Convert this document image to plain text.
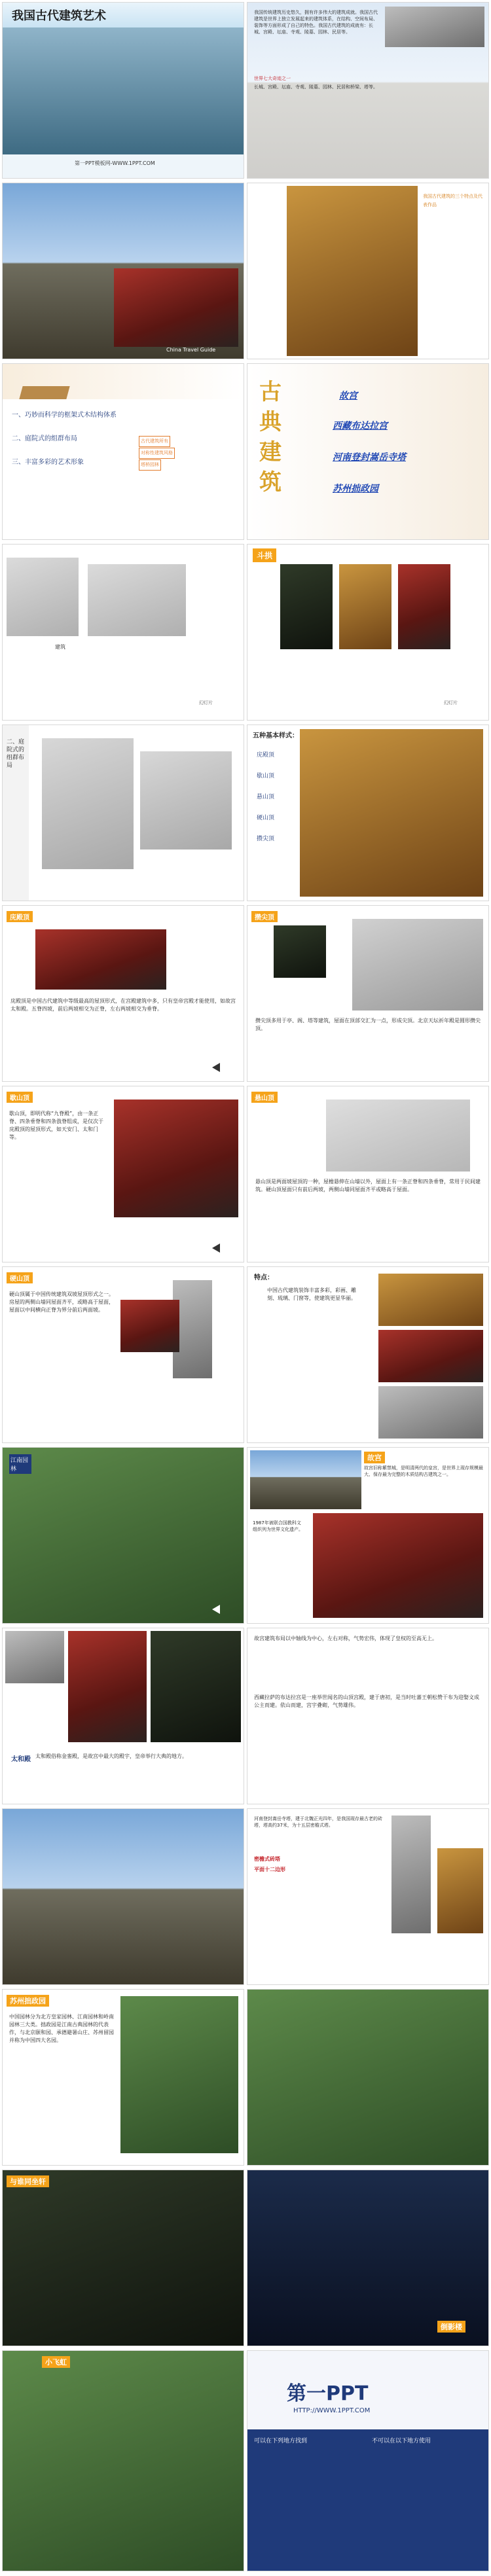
我国古代建筑艺术
第一PPT模板网-WWW.1PPT.COM
我国传统建筑历史悠久，拥有许多伟大的建筑成就。我国古代建筑是世界上独立发展起来的建筑体系，在结构、空间布局、装饰等方面形成了自己的特色。我国古代建筑的成就有：长城、宫殿、坛庙、寺观、陵墓、园林、民居等。
世界七大奇迹之一
长城、宫殿、坛庙、寺观、陵墓、园林、民居和桥梁、塔等。
China Travel Guide
我国古代建筑的三个特点及代表作品
一、巧妙而科学的框架式木结构体系
二、庭院式的组群布局
三、丰富多彩的艺术形象
古代建筑所有
对称性建筑风格
塔桥园林
古典建筑
故宫
西藏布达拉宫
河南登封嵩岳寺塔
苏州拙政园
建筑
幻灯片
斗拱
幻灯片
二、庭院式的组群布局
五种基本样式：
庑殿顶
歇山顶
悬山顶
硬山顶
攒尖顶
庑殿顶
庑殿顶是中国古代建筑中等级最高的屋顶形式，在宫殿建筑中多，只有皇帝宫殿才能使用，如故宫太和殿。五脊四坡，前后两坡相交为正脊，左右两坡相交为垂脊。
攒尖顶
攒尖顶多用于亭、阁、塔等建筑，屋面在顶部交汇为一点，形成尖顶。北京天坛祈年殿是圆形攒尖顶。
歇山顶
歇山顶，即明代称“九脊殿”，由一条正脊、四条垂脊和四条戗脊组成，是仅次于庑殿顶的屋顶形式，如天安门、太和门等。
悬山顶
悬山顶是两面坡屋顶的一种，屋檐悬伸在山墙以外，屋面上有一条正脊和四条垂脊，常用于民间建筑。硬山顶屋面只有前后两坡，两侧山墙同屋面齐平或略高于屋面。
硬山顶
硬山顶属于中国传统建筑双坡屋顶形式之一。房屋的两侧山墙同屋面齐平，或略高于屋面，屋面以中间横向正脊为界分前后两面坡。
特点：
中国古代建筑装饰丰富多彩，彩画、雕刻、琉璃、门窗等，使建筑更显华丽。
江南园林
故宫
故宫旧称紫禁城，是明清两代的皇宫，是世界上现存规模最大、保存最为完整的木质结构古建筑之一。
1987年被联合国教科文组织列为世界文化遗产。
太和殿 太和殿俗称金銮殿，是故宫中最大的殿宇，皇帝举行大典的地方。
故宫建筑布局以中轴线为中心，左右对称，气势宏伟，体现了皇权的至高无上。
西藏拉萨的布达拉宫是一座举世闻名的山顶宫殿，建于唐初，是当时吐蕃王朝松赞干布为迎娶文成公主而建。依山而建，宫宇叠砌，气势雄伟。
河南登封嵩岳寺塔，建于北魏正光四年，是我国现存最古老的砖塔，塔高约37米，为十五层密檐式塔。
密檐式砖塔
平面十二边形
苏州拙政园
中国园林分为北方皇家园林、江南园林和岭南园林三大类。拙政园是江南古典园林的代表作，与北京颐和园、承德避暑山庄、苏州留园并称为中国四大名园。
与谁同坐轩
倒影楼
小飞虹
第一PPT
HTTP://WWW.1PPT.COM
可以在下列地方找到	不可以在以下地方使用
